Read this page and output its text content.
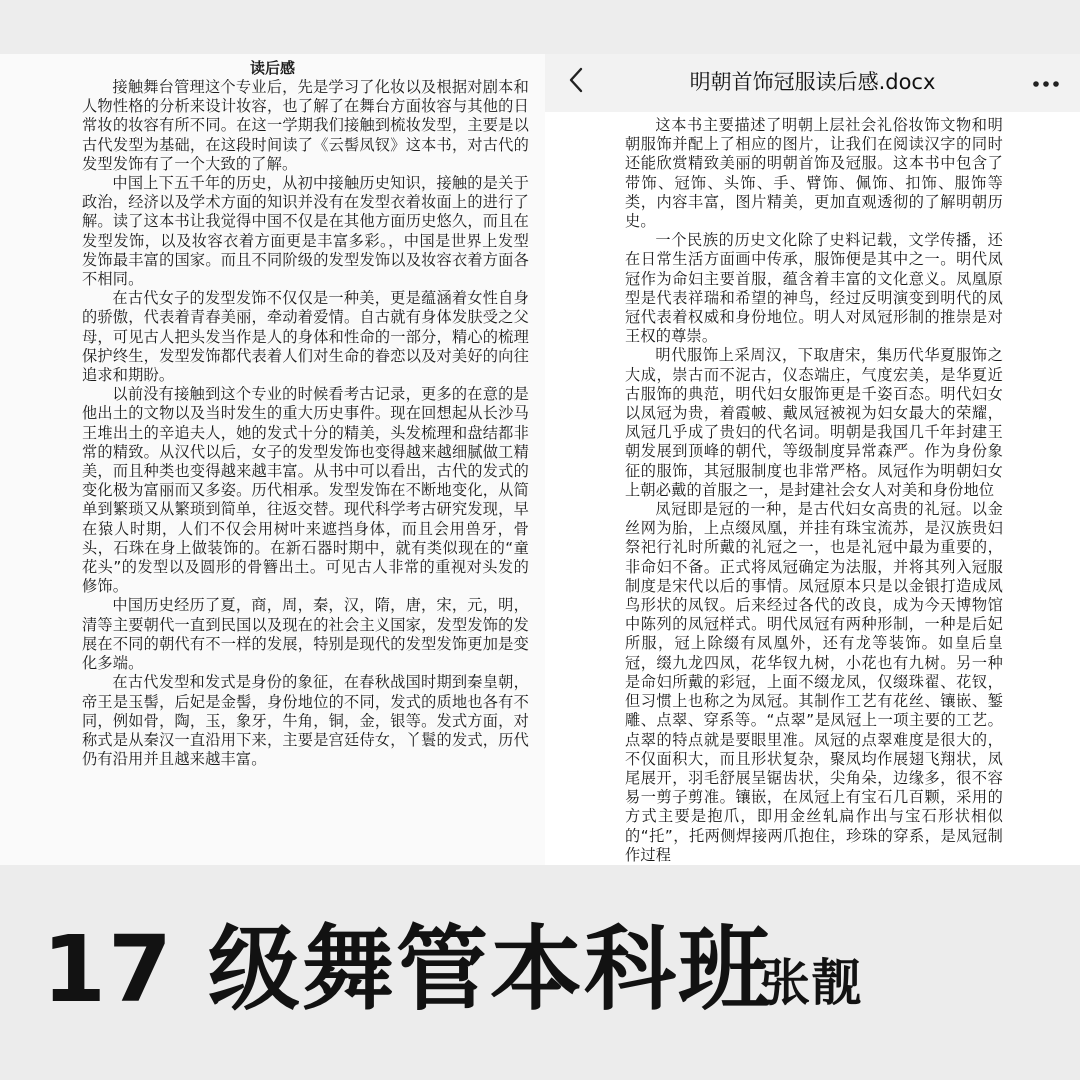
读后感

接触舞台管理这个专业后，先是学习了化妆以及根据对剧本和人物性格的分析来设计妆容，也了解了在舞台方面妆容与其他的日常妆的妆容有所不同。在这一学期我们接触到梳妆发型，主要是以古代发型为基础，在这段时间读了《云髻凤钗》这本书，对古代的发型发饰有了一个大致的了解。

中国上下五千年的历史，从初中接触历史知识，接触的是关于政治，经济以及学术方面的知识并没有在发型衣着妆面上的进行了解。读了这本书让我觉得中国不仅是在其他方面历史悠久，而且在发型发饰，以及妆容衣着方面更是丰富多彩。，中国是世界上发型发饰最丰富的国家。而且不同阶级的发型发饰以及妆容衣着方面各不相同。

在古代女子的发型发饰不仅仅是一种美，更是蕴涵着女性自身的骄傲，代表着青春美丽，牵动着爱情。自古就有身体发肤受之父母，可见古人把头发当作是人的身体和性命的一部分，精心的梳理保护终生，发型发饰都代表着人们对生命的眷恋以及对美好的向往追求和期盼。

以前没有接触到这个专业的时候看考古记录，更多的在意的是他出土的文物以及当时发生的重大历史事件。现在回想起从长沙马王堆出土的辛追夫人，她的发式十分的精美，头发梳理和盘结都非常的精致。从汉代以后，女子的发型发饰也变得越来越细腻做工精美，而且种类也变得越来越丰富。从书中可以看出，古代的发式的变化极为富丽而又多姿。历代相承。发型发饰在不断地变化，从简单到繁琐又从繁琐到简单，往返交替。现代科学考古研究发现，早在猿人时期，人们不仅会用树叶来遮挡身体，而且会用兽牙，骨头，石珠在身上做装饰的。在新石器时期中，就有类似现在的“童花头”的发型以及圆形的骨簪出土。可见古人非常的重视对头发的修饰。

中国历史经历了夏，商，周，秦，汉，隋，唐，宋，元，明，清等主要朝代一直到民国以及现在的社会主义国家，发型发饰的发展在不同的朝代有不一样的发展，特别是现代的发型发饰更加是变化多端。

在古代发型和发式是身份的象征，在春秋战国时期到秦皇朝，帝王是玉髻，后妃是金髻，身份地位的不同，发式的质地也各有不同，例如骨，陶，玉，象牙，牛角，铜，金，银等。发式方面，对称式是从秦汉一直沿用下来，主要是宫廷侍女，丫鬟的发式，历代仍有沿用并且越来越丰富。

明朝首饰冠服读后感.docx

这本书主要描述了明朝上层社会礼俗妆饰文物和明朝服饰并配上了相应的图片，让我们在阅读汉字的同时还能欣赏精致美丽的明朝首饰及冠服。这本书中包含了带饰、冠饰、头饰、手、臂饰、佩饰、扣饰、服饰等类，内容丰富，图片精美，更加直观透彻的了解明朝历史。

一个民族的历史文化除了史料记载，文学传播，还在日常生活方面画中传承，服饰便是其中之一。明代凤冠作为命妇主要首服，蕴含着丰富的文化意义。凤凰原型是代表祥瑞和希望的神鸟，经过反明演变到明代的凤冠代表着权威和身份地位。明人对凤冠形制的推崇是对王权的尊崇。

明代服饰上采周汉，下取唐宋，集历代华夏服饰之大成，崇古而不泥古，仪态端庄，气度宏美，是华夏近古服饰的典范，明代妇女服饰更是千姿百态。明代妇女以凤冠为贵，着霞帔、戴凤冠被视为妇女最大的荣耀，凤冠几乎成了贵妇的代名词。明朝是我国几千年封建王朝发展到顶峰的朝代，等级制度异常森严。作为身份象征的服饰，其冠服制度也非常严格。凤冠作为明朝妇女上朝必戴的首服之一，是封建社会女人对美和身份地位

凤冠即是冠的一种，是古代妇女高贵的礼冠。以金丝网为胎，上点缀凤凰，并挂有珠宝流苏，是汉族贵妇祭祀行礼时所戴的礼冠之一，也是礼冠中最为重要的，非命妇不备。正式将凤冠确定为法服，并将其列入冠服制度是宋代以后的事情。凤冠原本只是以金银打造成凤鸟形状的凤钗。后来经过各代的改良，成为今天博物馆中陈列的凤冠样式。明代凤冠有两种形制，一种是后妃所服，冠上除缀有凤凰外，还有龙等装饰。如皇后皇冠，缀九龙四凤，花华钗九树，小花也有九树。另一种是命妇所戴的彩冠，上面不缀龙凤，仅缀珠翟、花钗，但习惯上也称之为凤冠。其制作工艺有花丝、镶嵌、錾雕、点翠、穿系等。“点翠”是凤冠上一项主要的工艺。点翠的特点就是要眼里准。凤冠的点翠难度是很大的，不仅面积大，而且形状复杂，聚凤均作展翅飞翔状，凤尾展开，羽毛舒展呈锯齿状，尖角朵，边缘多，很不容易一剪子剪准。镶嵌，在凤冠上有宝石几百颗，采用的方式主要是抱爪，即用金丝轧扁作出与宝石形状相似的“托”，托两侧焊接两爪抱住，珍珠的穿系，是凤冠制作过程

17 级舞管本科班
张靓
